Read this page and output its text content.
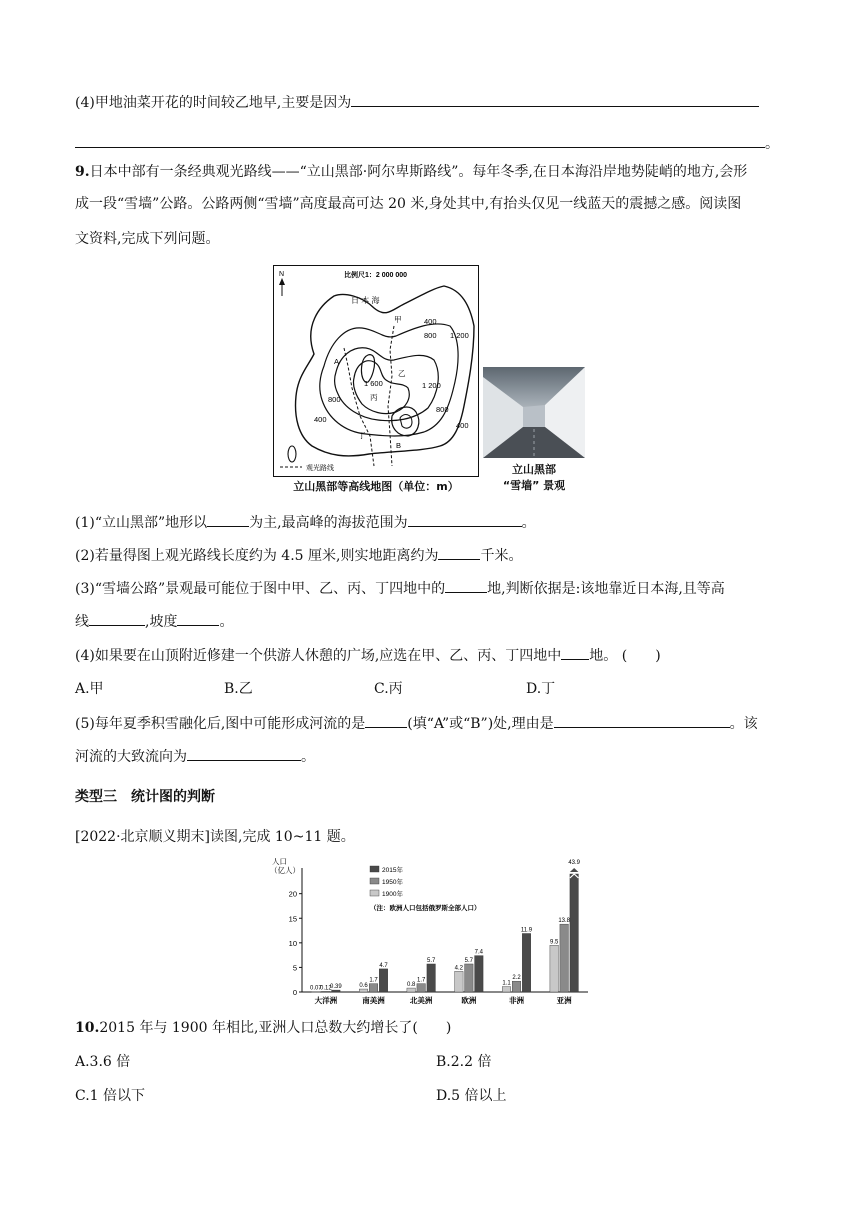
(4)甲地油菜开花的时间较乙地早,主要是因为
。
9.日本中部有一条经典观光路线——“立山黑部·阿尔卑斯路线”。每年冬季,在日本海沿岸地势陡峭的地方,会形
成一段“雪墙”公路。公路两侧“雪墙”高度最高可达 20 米,身处其中,有抬头仅见一线蓝天的震撼之感。阅读图
文资料,完成下列问题。
比例尺1：2 000 000
N
日 本 海
400
800 1 200
1 600	1 200
800
400
800
400
甲
乙
丙
丁
A
B
观光路线
立山黑部等高线地图（单位：m）
立山黑部
“雪墙” 景观
(1)“立山黑部”地形以	为主,最高峰的海拔范围为	。
(2)若量得图上观光路线长度约为 4.5 厘米,则实地距离约为	千米。
(3)“雪墙公路”景观最可能位于图中甲、乙、丙、丁四地中的	地,判断依据是:该地靠近日本海,且等高
线	,坡度	。
(4)如果要在山顶附近修建一个供游人休憩的广场,应选在甲、乙、丙、丁四地中 地。 (　　)
A.甲	B.乙	C.丙	D.丁
(5)每年夏季积雪融化后,图中可能形成河流的是	(填“A”或“B”)处,理由是	。该
河流的大致流向为	。
类型三　统计图的判断
[2022·北京顺义期末]读图,完成 10~11 题。
人口
（亿人）
0
5
10
15
20
0.07
0.12
0.39
大洋洲
0.6
1.7
4.7
南美洲
0.8
1.7
5.7
北美洲
4.2
5.7
7.4
欧洲
1.1
2.2
11.9
非洲
9.5
13.8
43.9
亚洲
2015年
1950年
1900年
（注：欧洲人口包括俄罗斯全部人口）
10.2015 年与 1900 年相比,亚洲人口总数大约增长了(　　)
A.3.6 倍	B.2.2 倍
C.1 倍以下	D.5 倍以上
